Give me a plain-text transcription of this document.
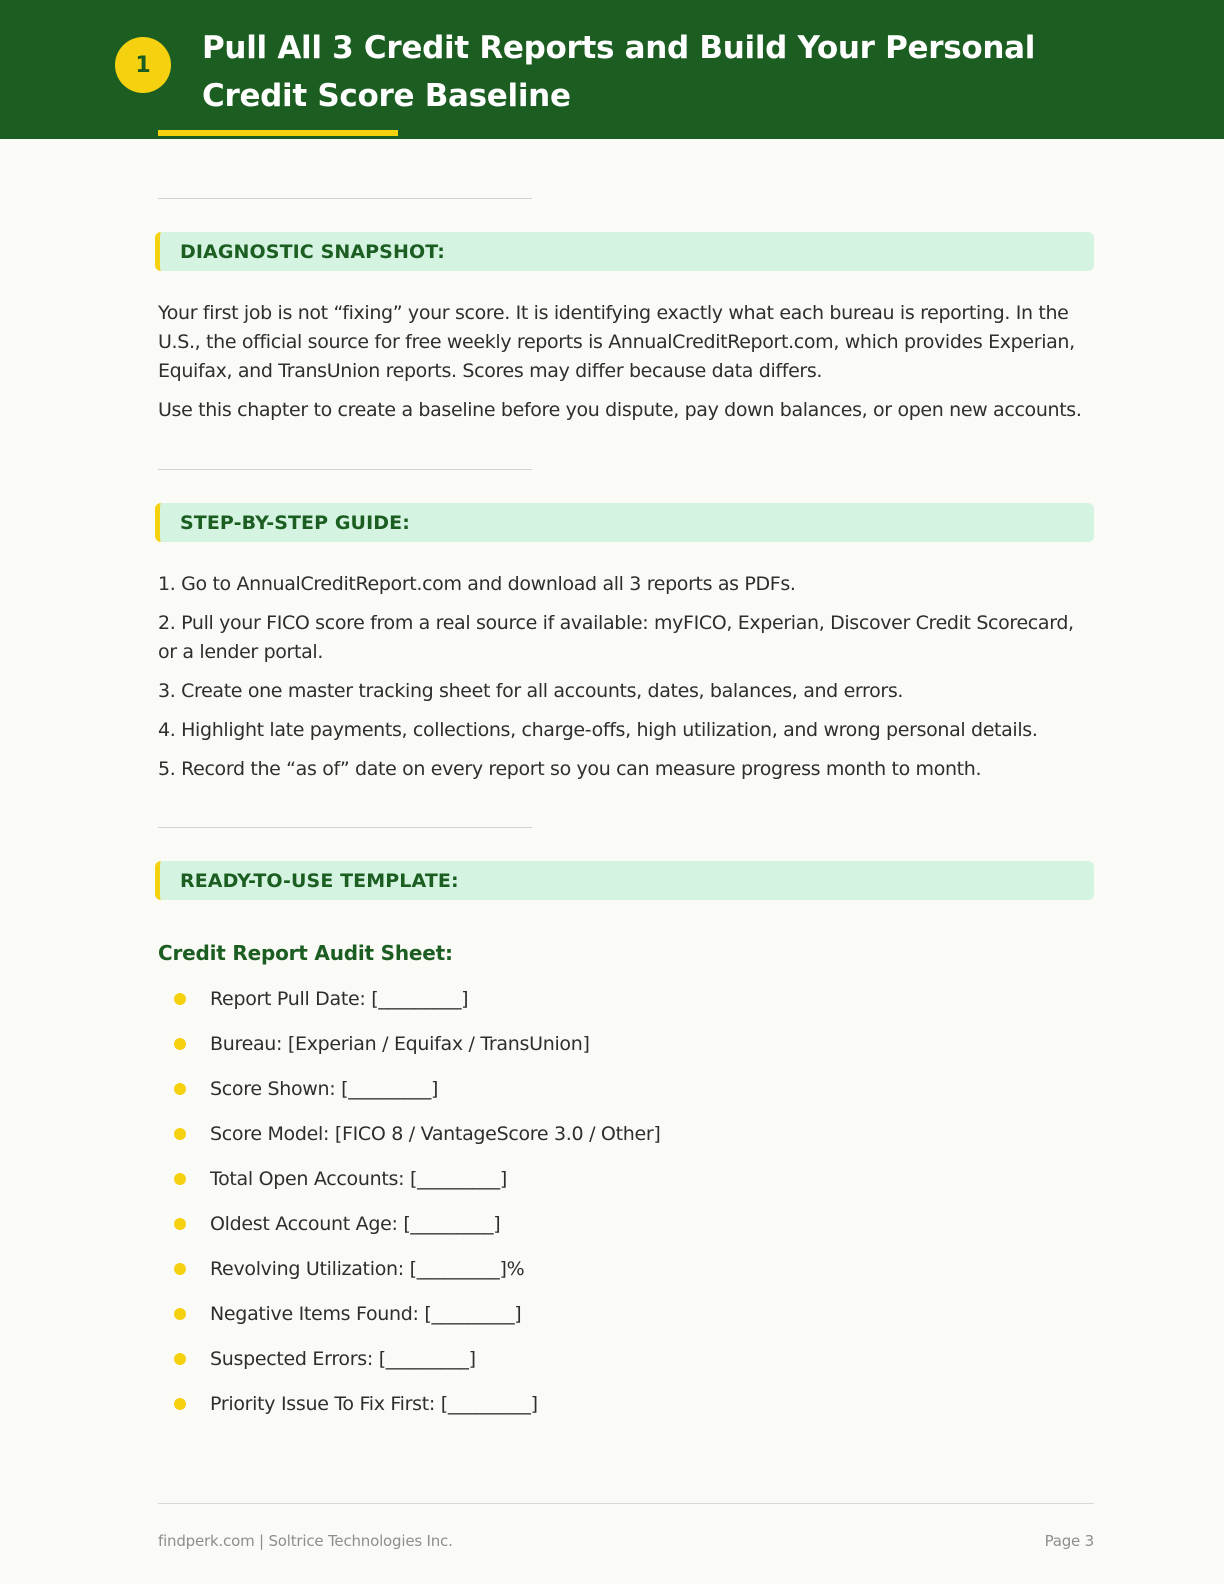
1	Pull All 3 Credit Reports and Build Your Personal Credit Score Baseline
DIAGNOSTIC SNAPSHOT:

Your first job is not “fixing” your score. It is identifying exactly what each bureau is reporting. In the U.S., the official source for free weekly reports is AnnualCreditReport.com, which provides Experian, Equifax, and TransUnion reports. Scores may differ because data differs.

Use this chapter to create a baseline before you dispute, pay down balances, or open new accounts.

STEP-BY-STEP GUIDE:

1. Go to AnnualCreditReport.com and download all 3 reports as PDFs.

2. Pull your FICO score from a real source if available: myFICO, Experian, Discover Credit Scorecard, or a lender portal.

3. Create one master tracking sheet for all accounts, dates, balances, and errors.

4. Highlight late payments, collections, charge-offs, high utilization, and wrong personal details.

5. Record the “as of” date on every report so you can measure progress month to month.

READY-TO-USE TEMPLATE:
Credit Report Audit Sheet:
Report Pull Date: [_________]
Bureau: [Experian / Equifax / TransUnion]
Score Shown: [_________]
Score Model: [FICO 8 / VantageScore 3.0 / Other]
Total Open Accounts: [_________]
Oldest Account Age: [_________]
Revolving Utilization: [_________]%
Negative Items Found: [_________]
Suspected Errors: [_________]
Priority Issue To Fix First: [_________]
findperk.com | Soltrice Technologies Inc.	Page 3
